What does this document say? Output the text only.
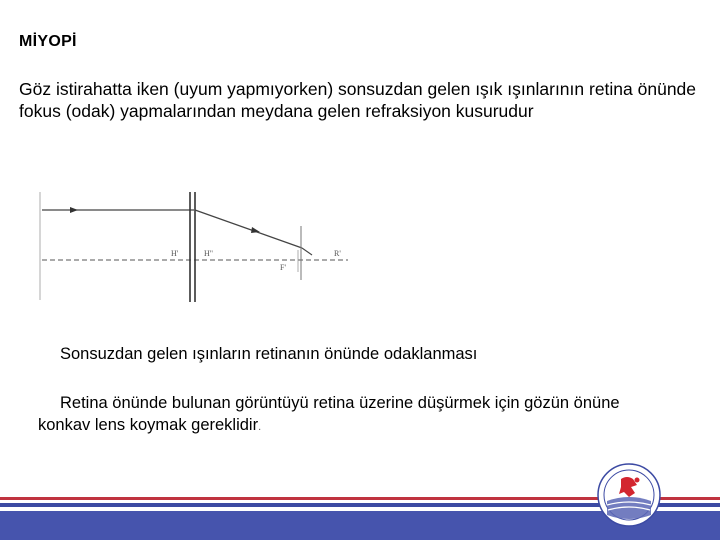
MİYOPİ
Göz istirahatta iken (uyum yapmıyorken) sonsuzdan gelen ışık ışınlarının retina önünde fokus (odak) yapmalarından meydana gelen refraksiyon kusurudur
H'	H"
F'
R'
Sonsuzdan gelen ışınların retinanın önünde odaklanması
Retina önünde bulunan görüntüyü retina üzerine düşürmek için gözün önüne konkav lens koymak gereklidir.
